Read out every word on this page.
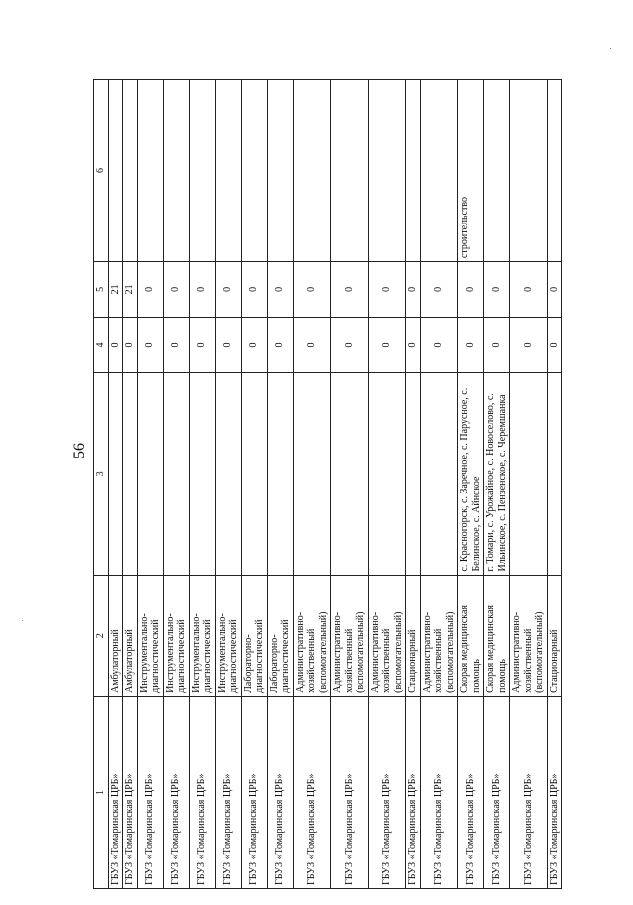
56
1	2	3	4	5	6
ГБУЗ «Томаринская ЦРБ»	Амбулаторный		0	21	
ГБУЗ «Томаринская ЦРБ»	Амбулаторный		0	21	
ГБУЗ «Томаринская ЦРБ»	Инструментально-диагностический		0	0	
ГБУЗ «Томаринская ЦРБ»	Инструментально-диагностический		0	0	
ГБУЗ «Томаринская ЦРБ»	Инструментально-диагностический		0	0	
ГБУЗ «Томаринская ЦРБ»	Инструментально-диагностический		0	0	
ГБУЗ «Томаринская ЦРБ»	Лабораторно-диагностический		0	0	
ГБУЗ «Томаринская ЦРБ»	Лабораторно-диагностический		0	0	
ГБУЗ «Томаринская ЦРБ»	Административно-хозяйственный (вспомогательный)		0	0	
ГБУЗ «Томаринская ЦРБ»	Административно-хозяйственный (вспомогательный)		0	0	
ГБУЗ «Томаринская ЦРБ»	Административно-хозяйственный (вспомогательный)		0	0	
ГБУЗ «Томаринская ЦРБ»	Стационарный		0	0	
ГБУЗ «Томаринская ЦРБ»	Административно-хозяйственный (вспомогательный)		0	0	
ГБУЗ «Томаринская ЦРБ»	Скорая медицинская помощь	с. Красногорск, с. Заречное, с. Парусное, с. Белинское, с. Айнское	0	0	строительство
ГБУЗ «Томаринская ЦРБ»	Скорая медицинская помощь	г. Томари, с. Урожайное, с. Новоселово, с. Ильинское, с. Пензенское, с. Черемшанка	0	0	
ГБУЗ «Томаринская ЦРБ»	Административно-хозяйственный (вспомогательный)		0	0	
ГБУЗ «Томаринская ЦРБ»	Стационарный		0	0	
